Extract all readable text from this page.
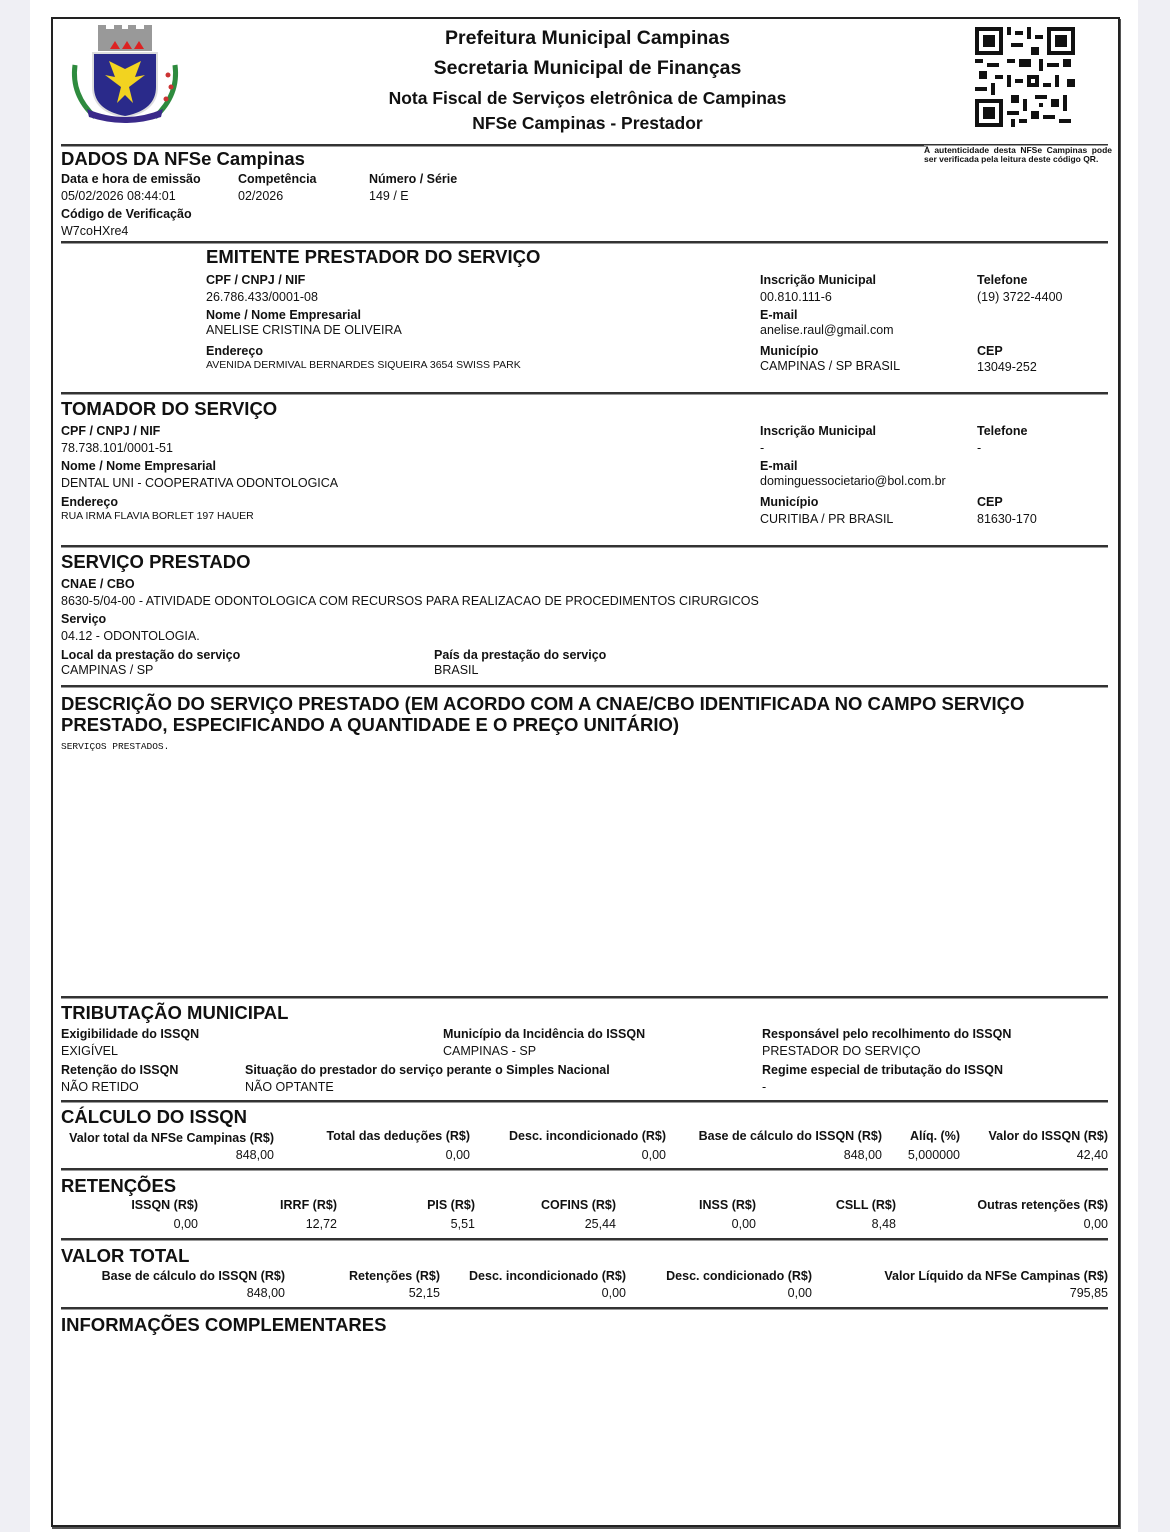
Prefeitura Municipal Campinas
Secretaria Municipal de Finanças
Nota Fiscal de Serviços eletrônica de Campinas
NFSe Campinas - Prestador
A autenticidade desta NFSe Campinas pode ser verificada pela leitura deste código QR.
DADOS DA NFSe Campinas
Data e hora de emissão
05/02/2026 08:44:01
Competência
02/2026
Número / Série
149 / E
Código de Verificação
W7coHXre4
EMITENTE PRESTADOR DO SERVIÇO
CPF / CNPJ / NIF
26.786.433/0001-08
Nome / Nome Empresarial
ANELISE CRISTINA DE OLIVEIRA
Endereço
AVENIDA DERMIVAL BERNARDES SIQUEIRA 3654 SWISS PARK
Inscrição Municipal
00.810.111-6
Telefone
(19) 3722-4400
E-mail
anelise.raul@gmail.com
Município
CAMPINAS / SP BRASIL
CEP
13049-252
TOMADOR DO SERVIÇO
CPF / CNPJ / NIF
78.738.101/0001-51
Nome / Nome Empresarial
DENTAL UNI - COOPERATIVA ODONTOLOGICA
Endereço
RUA IRMA FLAVIA BORLET 197 HAUER
Inscrição Municipal
-
Telefone
-
E-mail
dominguessocietario@bol.com.br
Município
CURITIBA / PR BRASIL
CEP
81630-170
SERVIÇO PRESTADO
CNAE / CBO
8630-5/04-00 - ATIVIDADE ODONTOLOGICA COM RECURSOS PARA REALIZACAO DE PROCEDIMENTOS CIRURGICOS
Serviço
04.12 - ODONTOLOGIA.
Local da prestação do serviço
CAMPINAS / SP
País da prestação do serviço
BRASIL
DESCRIÇÃO DO SERVIÇO PRESTADO (EM ACORDO COM A CNAE/CBO IDENTIFICADA NO CAMPO SERVIÇO
PRESTADO, ESPECIFICANDO A QUANTIDADE E O PREÇO UNITÁRIO)
SERVIÇOS PRESTADOS.
TRIBUTAÇÃO MUNICIPAL
Exigibilidade do ISSQN
EXIGÍVEL
Município da Incidência do ISSQN
CAMPINAS - SP
Responsável pelo recolhimento do ISSQN
PRESTADOR DO SERVIÇO
Retenção do ISSQN
NÃO RETIDO
Situação do prestador do serviço perante o Simples Nacional
NÃO OPTANTE
Regime especial de tributação do ISSQN
-
CÁLCULO DO ISSQN
Valor total da NFSe Campinas (R$)
848,00
Total das deduções (R$)
0,00
Desc. incondicionado (R$)
0,00
Base de cálculo do ISSQN (R$)
848,00
Alíq. (%)
5,000000
Valor do ISSQN (R$)
42,40
RETENÇÕES
ISSQN (R$)
0,00
IRRF (R$)
12,72
PIS (R$)
5,51
COFINS (R$)
25,44
INSS (R$)
0,00
CSLL (R$)
8,48
Outras retenções (R$)
0,00
VALOR TOTAL
Base de cálculo do ISSQN (R$)
848,00
Retenções (R$)
52,15
Desc. incondicionado (R$)
0,00
Desc. condicionado (R$)
0,00
Valor Líquido da NFSe Campinas (R$)
795,85
INFORMAÇÕES COMPLEMENTARES
